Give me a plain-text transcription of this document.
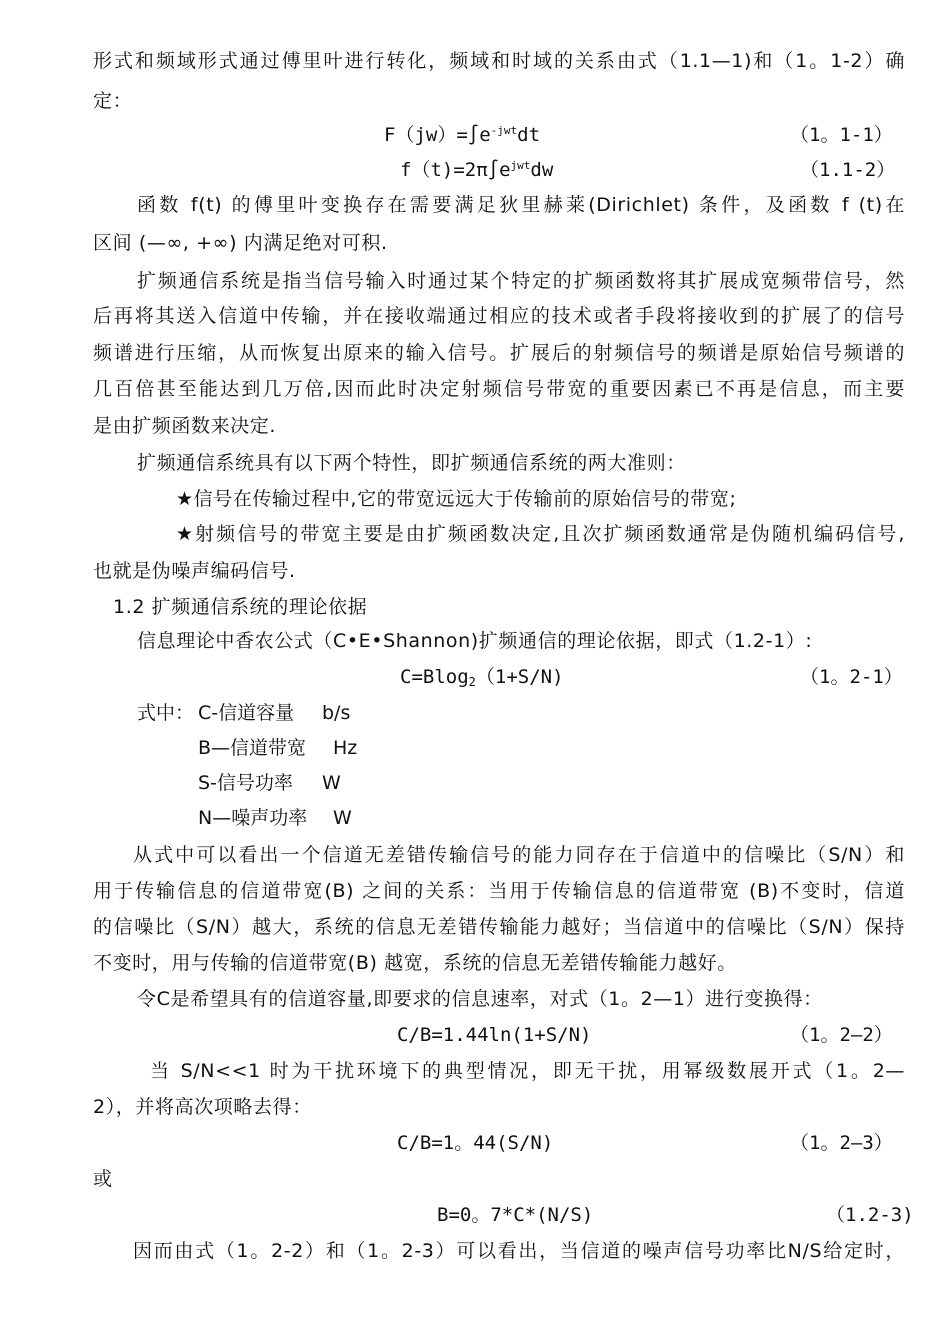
形式和频域形式通过傅里叶进行转化，频域和时域的关系由式（1.1—1)和（1。1-2）确
定：
$F(jw)=\int e^{-jwt}dt$	（1。1-1）
$f(t)=2\pi\int e^{jwt}dw$	（1.1-2）
函数 f(t) 的傅里叶变换存在需要满足狄里赫莱(Dirichlet) 条件，及函数 f (t)在
区间 (—∞, +∞) 内满足绝对可积.
扩频通信系统是指当信号输入时通过某个特定的扩频函数将其扩展成宽频带信号，然
后再将其送入信道中传输，并在接收端通过相应的技术或者手段将接收到的扩展了的信号
频谱进行压缩，从而恢复出原来的输入信号。扩展后的射频信号的频谱是原始信号频谱的
几百倍甚至能达到几万倍,因而此时决定射频信号带宽的重要因素已不再是信息，而主要
是由扩频函数来决定.
扩频通信系统具有以下两个特性，即扩频通信系统的两大准则：
★信号在传输过程中,它的带宽远远大于传输前的原始信号的带宽;
★射频信号的带宽主要是由扩频函数决定,且次扩频函数通常是伪随机编码信号,
也就是伪噪声编码信号.
1.2 扩频通信系统的理论依据
信息理论中香农公式（C•E•Shannon)扩频通信的理论依据，即式（1.2-1）:
C=Blog$_2$（1+S/N)	（1。2-1）
式中： C-信道容量 b/s
B—信道带宽 Hz
S-信号功率 W
N—噪声功率 W
从式中可以看出一个信道无差错传输信号的能力同存在于信道中的信噪比（S/N）和
用于传输信息的信道带宽(B) 之间的关系：当用于传输信息的信道带宽 (B)不变时，信道
的信噪比（S/N）越大，系统的信息无差错传输能力越好；当信道中的信噪比（S/N）保持
不变时，用与传输的信道带宽(B) 越宽，系统的信息无差错传输能力越好。
令C是希望具有的信道容量,即要求的信息速率，对式（1。2—1）进行变换得：
C/B=1.44ln(1+S/N)	（1。2—2）
当 S/N<<1 时为干扰环境下的典型情况，即无干扰，用幂级数展开式（1。2—
2），并将高次项略去得：
C/B=1。44(S/N)	（1。2—3）
或
B=0。7*C*(N/S)	（1.2-3)
因而由式（1。2-2）和（1。2-3）可以看出，当信道的噪声信号功率比N/S给定时，
